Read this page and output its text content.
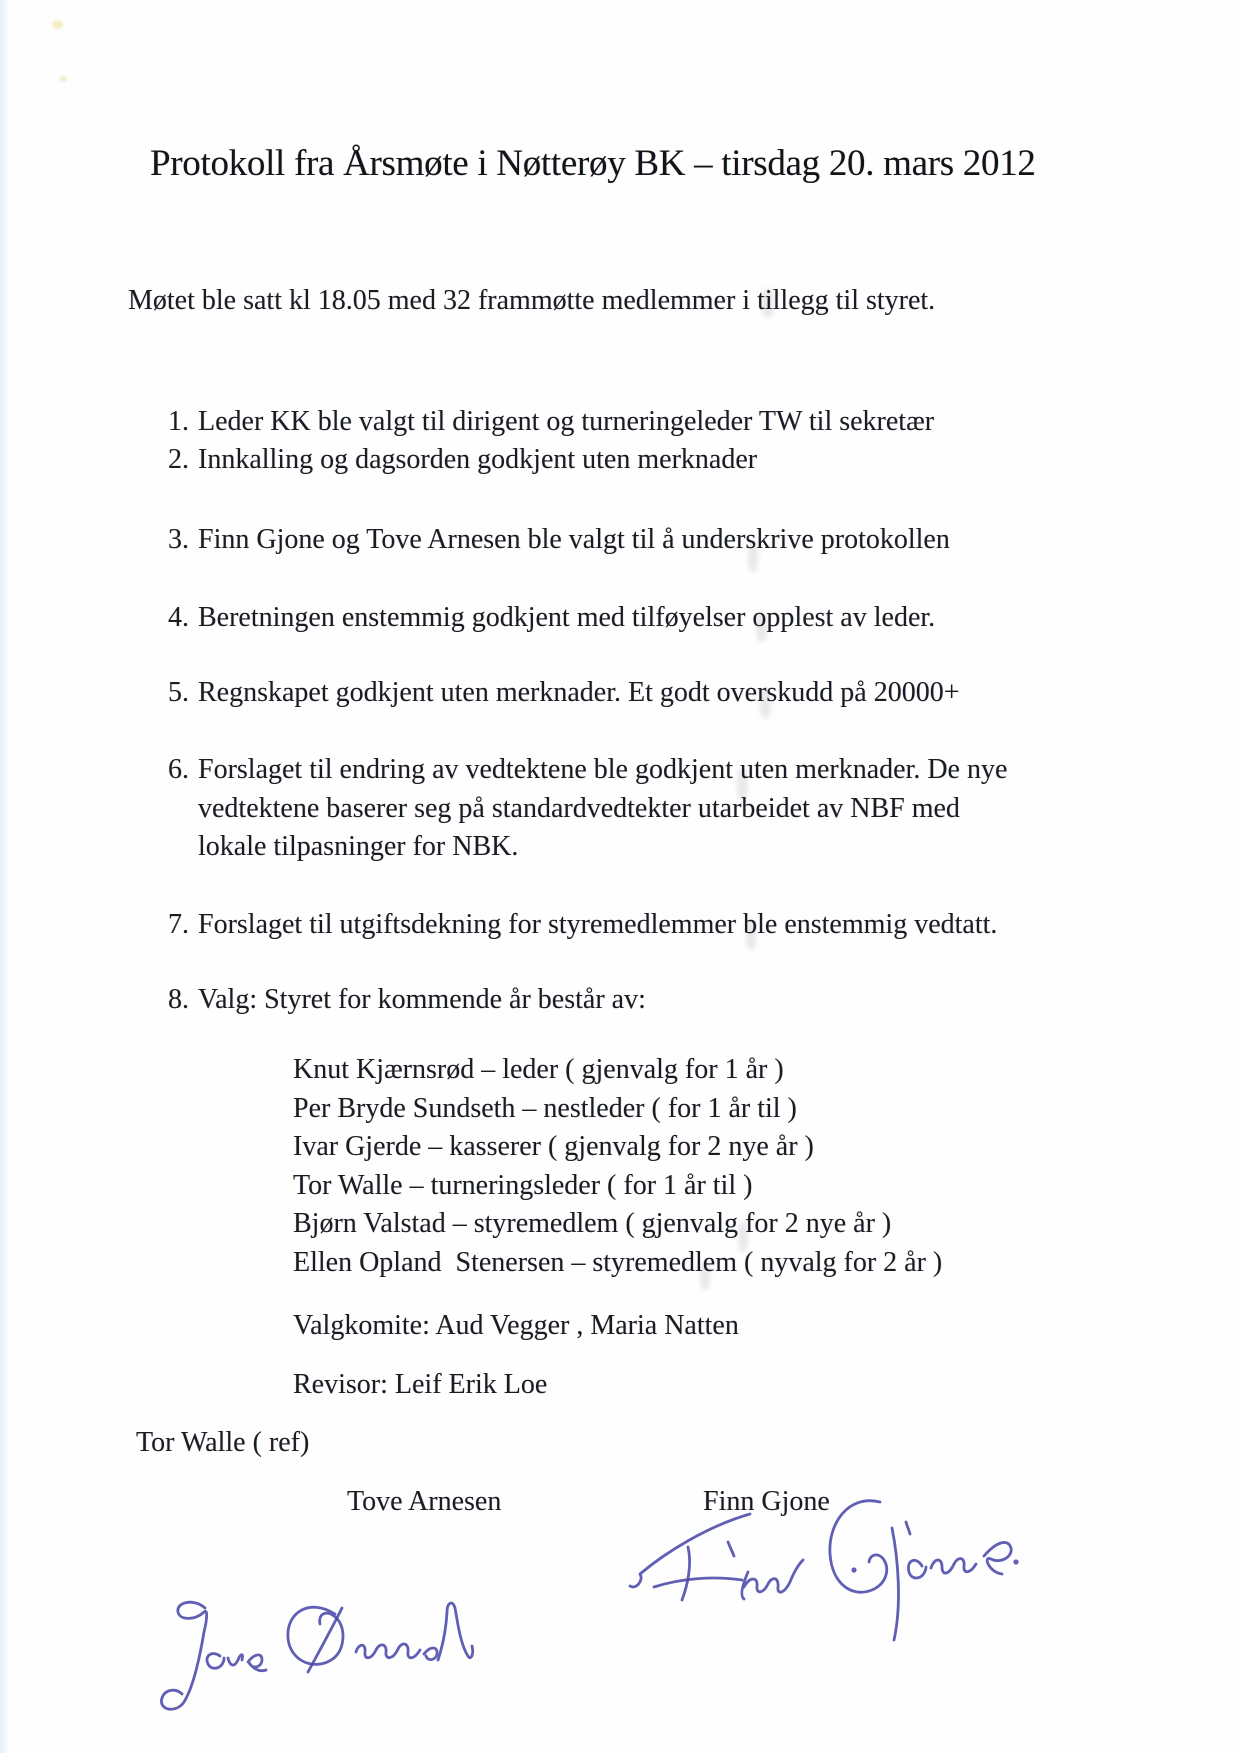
Protokoll fra Årsmøte i Nøtterøy BK – tirsdag 20. mars 2012
Møtet ble satt kl 18.05 med 32 frammøtte medlemmer i tillegg til styret.
1. Leder KK ble valgt til dirigent og turneringeleder TW til sekretær
2. Innkalling og dagsorden godkjent uten merknader
3. Finn Gjone og Tove Arnesen ble valgt til å underskrive protokollen
4. Beretningen enstemmig godkjent med tilføyelser opplest av leder.
5. Regnskapet godkjent uten merknader. Et godt overskudd på 20000+
6. Forslaget til endring av vedtektene ble godkjent uten merknader. De nye
vedtektene baserer seg på standardvedtekter utarbeidet av NBF med
lokale tilpasninger for NBK.
7. Forslaget til utgiftsdekning for styremedlemmer ble enstemmig vedtatt.
8. Valg: Styret for kommende år består av:
Knut Kjærnsrød – leder ( gjenvalg for 1 år )
Per Bryde Sundseth – nestleder ( for 1 år til )
Ivar Gjerde – kasserer ( gjenvalg for 2 nye år )
Tor Walle – turneringsleder ( for 1 år til )
Bjørn Valstad – styremedlem ( gjenvalg for 2 nye år )
Ellen Opland  Stenersen – styremedlem ( nyvalg for 2 år )
Valgkomite: Aud Vegger , Maria Natten
Revisor: Leif Erik Loe
Tor Walle ( ref)
Tove Arnesen	Finn Gjone
